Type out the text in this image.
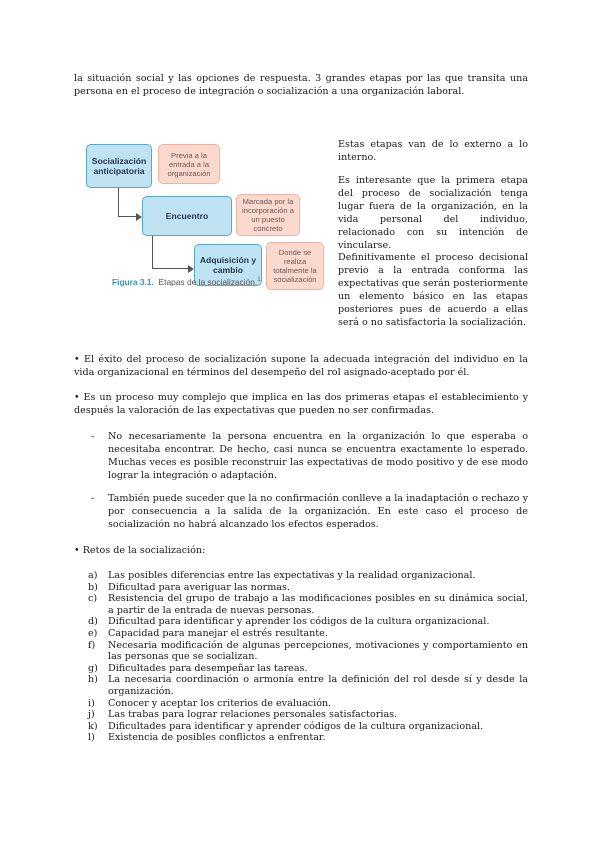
la situación social y las opciones de respuesta. 3 grandes etapas por las que transita una persona en el proceso de integración o socialización a una organización laboral.

Socialización anticipatoria
Previa a la entrada a la organización
Encuentro
Marcada por la incorporación a un puesto concreto
Adquisición y cambio
Donde se realiza totalmente la socialización
Figura 3.1. Etapas de la socialización.$^1$

Estas etapas van de lo externo a lo interno.

Es interesante que la primera etapa del proceso de socialización tenga lugar fuera de la organización, en la vida personal del individuo, relacionado con su intención de vincularse.

Definitivamente el proceso decisional previo a la entrada conforma las expectativas que serán posteriormente un elemento básico en las etapas posteriores pues de acuerdo a ellas será o no satisfactoria la socialización.

• El éxito del proceso de socialización supone la adecuada integración del individuo en la vida organizacional en términos del desempeño del rol asignado-aceptado por él.

• Es un proceso muy complejo que implica en las dos primeras etapas el establecimiento y después la valoración de las expectativas que pueden no ser confirmadas.

- No necesariamente la persona encuentra en la organización lo que esperaba o necesitaba encontrar. De hecho, casi nunca se encuentra exactamente lo esperado. Muchas veces es posible reconstruir las expectativas de modo positivo y de ese modo lograr la integración o adaptación.

- También puede suceder que la no confirmación conlleve a la inadaptación o rechazo y por consecuencia a la salida de la organización. En este caso el proceso de socialización no habrá alcanzado los efectos esperados.

• Retos de la socialización:

a) Las posibles diferencias entre las expectativas y la realidad organizacional.
b) Dificultad para averiguar las normas.
c) Resistencia del grupo de trabajo a las modificaciones posibles en su dinámica social, a partir de la entrada de nuevas personas.
d) Dificultad para identificar y aprender los códigos de la cultura organizacional.
e) Capacidad para manejar el estrés resultante.
f) Necesaria modificación de algunas percepciones, motivaciones y comportamiento en las personas que se socializan.
g) Dificultades para desempeñar las tareas.
h) La necesaria coordinación o armonía entre la definición del rol desde sí y desde la organización.
i) Conocer y aceptar los criterios de evaluación.
j) Las trabas para lograr relaciones personales satisfactorias.
k) Dificultades para identificar y aprender códigos de la cultura organizacional.
l) Existencia de posibles conflictos a enfrentar.
